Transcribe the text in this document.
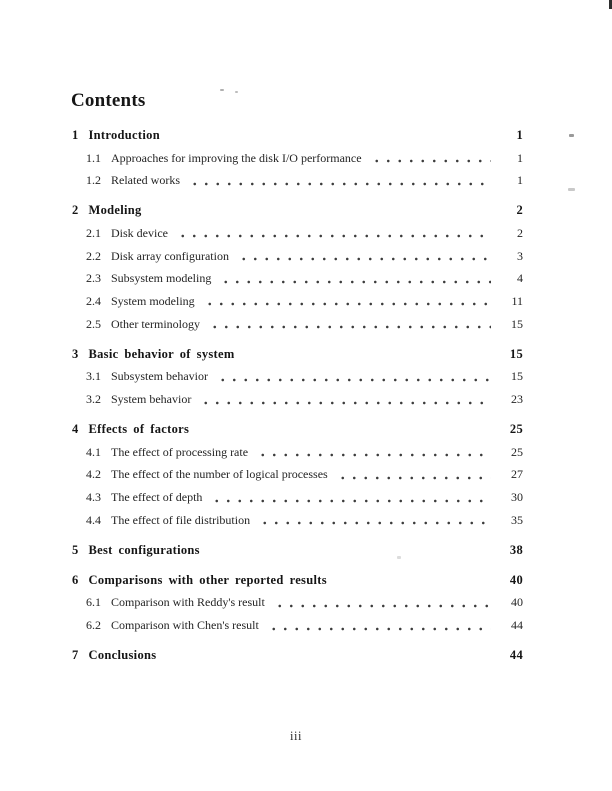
Contents
1 Introduction	1
1.1 Approaches for improving the disk I/O performance	1
1.2 Related works	1
2 Modeling	2
2.1 Disk device	2
2.2 Disk array configuration	3
2.3 Subsystem modeling	4
2.4 System modeling	11
2.5 Other terminology	15
3 Basic behavior of system	15
3.1 Subsystem behavior	15
3.2 System behavior	23
4 Effects of factors	25
4.1 The effect of processing rate	25
4.2 The effect of the number of logical processes	27
4.3 The effect of depth	30
4.4 The effect of file distribution	35
5 Best configurations	38
6 Comparisons with other reported results	40
6.1 Comparison with Reddy's result	40
6.2 Comparison with Chen's result	44
7 Conclusions	44
iii
